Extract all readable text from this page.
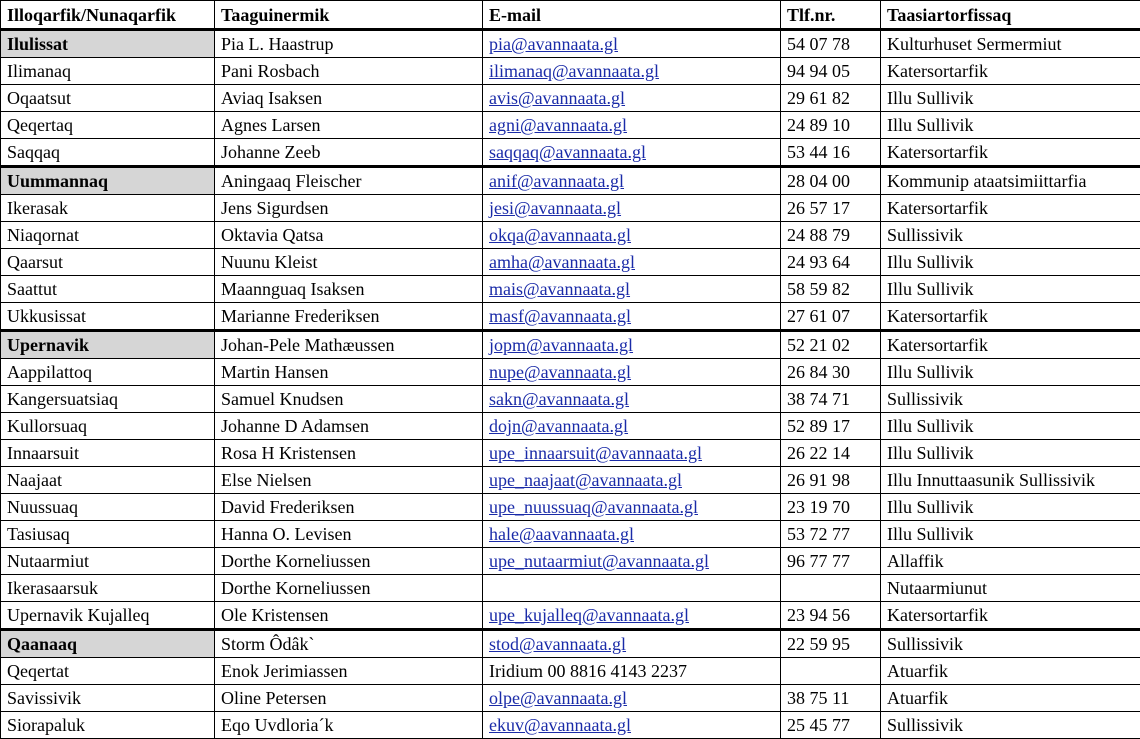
Illoqarfik/Nunaqarfik	Taaguinermik	E-mail	Tlf.nr.	Taasiartorfissaq
Ilulissat	Pia L. Haastrup	pia@avannaata.gl	54 07 78	Kulturhuset Sermermiut
Ilimanaq	Pani Rosbach	ilimanaq@avannaata.gl	94 94 05	Katersortarfik
Oqaatsut	Aviaq Isaksen	avis@avannaata.gl	29 61 82	Illu Sullivik
Qeqertaq	Agnes Larsen	agni@avannaata.gl	24 89 10	Illu Sullivik
Saqqaq	Johanne Zeeb	saqqaq@avannaata.gl	53 44 16	Katersortarfik
Uummannaq	Aningaaq Fleischer	anif@avannaata.gl	28 04 00	Kommunip ataatsimiittarfia
Ikerasak	Jens Sigurdsen	jesi@avannaata.gl	26 57 17	Katersortarfik
Niaqornat	Oktavia Qatsa	okqa@avannaata.gl	24 88 79	Sullissivik
Qaarsut	Nuunu Kleist	amha@avannaata.gl	24 93 64	Illu Sullivik
Saattut	Maannguaq Isaksen	mais@avannaata.gl	58 59 82	Illu Sullivik
Ukkusissat	Marianne Frederiksen	masf@avannaata.gl	27 61 07	Katersortarfik
Upernavik	Johan-Pele Mathæussen	jopm@avannaata.gl	52 21 02	Katersortarfik
Aappilattoq	Martin Hansen	nupe@avannaata.gl	26 84 30	Illu Sullivik
Kangersuatsiaq	Samuel Knudsen	sakn@avannaata.gl	38 74 71	Sullissivik
Kullorsuaq	Johanne D Adamsen	dojn@avannaata.gl	52 89 17	Illu Sullivik
Innaarsuit	Rosa H Kristensen	upe_innaarsuit@avannaata.gl	26 22 14	Illu Sullivik
Naajaat	Else Nielsen	upe_naajaat@avannaata.gl	26 91 98	Illu Innuttaasunik Sullissivik
Nuussuaq	David Frederiksen	upe_nuussuaq@avannaata.gl	23 19 70	Illu Sullivik
Tasiusaq	Hanna O. Levisen	hale@aavannaata.gl	53 72 77	Illu Sullivik
Nutaarmiut	Dorthe Korneliussen	upe_nutaarmiut@avannaata.gl	96 77 77	Allaffik
Ikerasaarsuk	Dorthe Korneliussen			Nutaarmiunut
Upernavik Kujalleq	Ole Kristensen	upe_kujalleq@avannaata.gl	23 94 56	Katersortarfik
Qaanaaq	Storm Ôdâk`	stod@avannaata.gl	22 59 95	Sullissivik
Qeqertat	Enok Jerimiassen	Iridium 00 8816 4143 2237		Atuarfik
Savissivik	Oline Petersen	olpe@avannaata.gl	38 75 11	Atuarfik
Siorapaluk	Eqo Uvdloria´k	ekuv@avannaata.gl	25 45 77	Sullissivik
